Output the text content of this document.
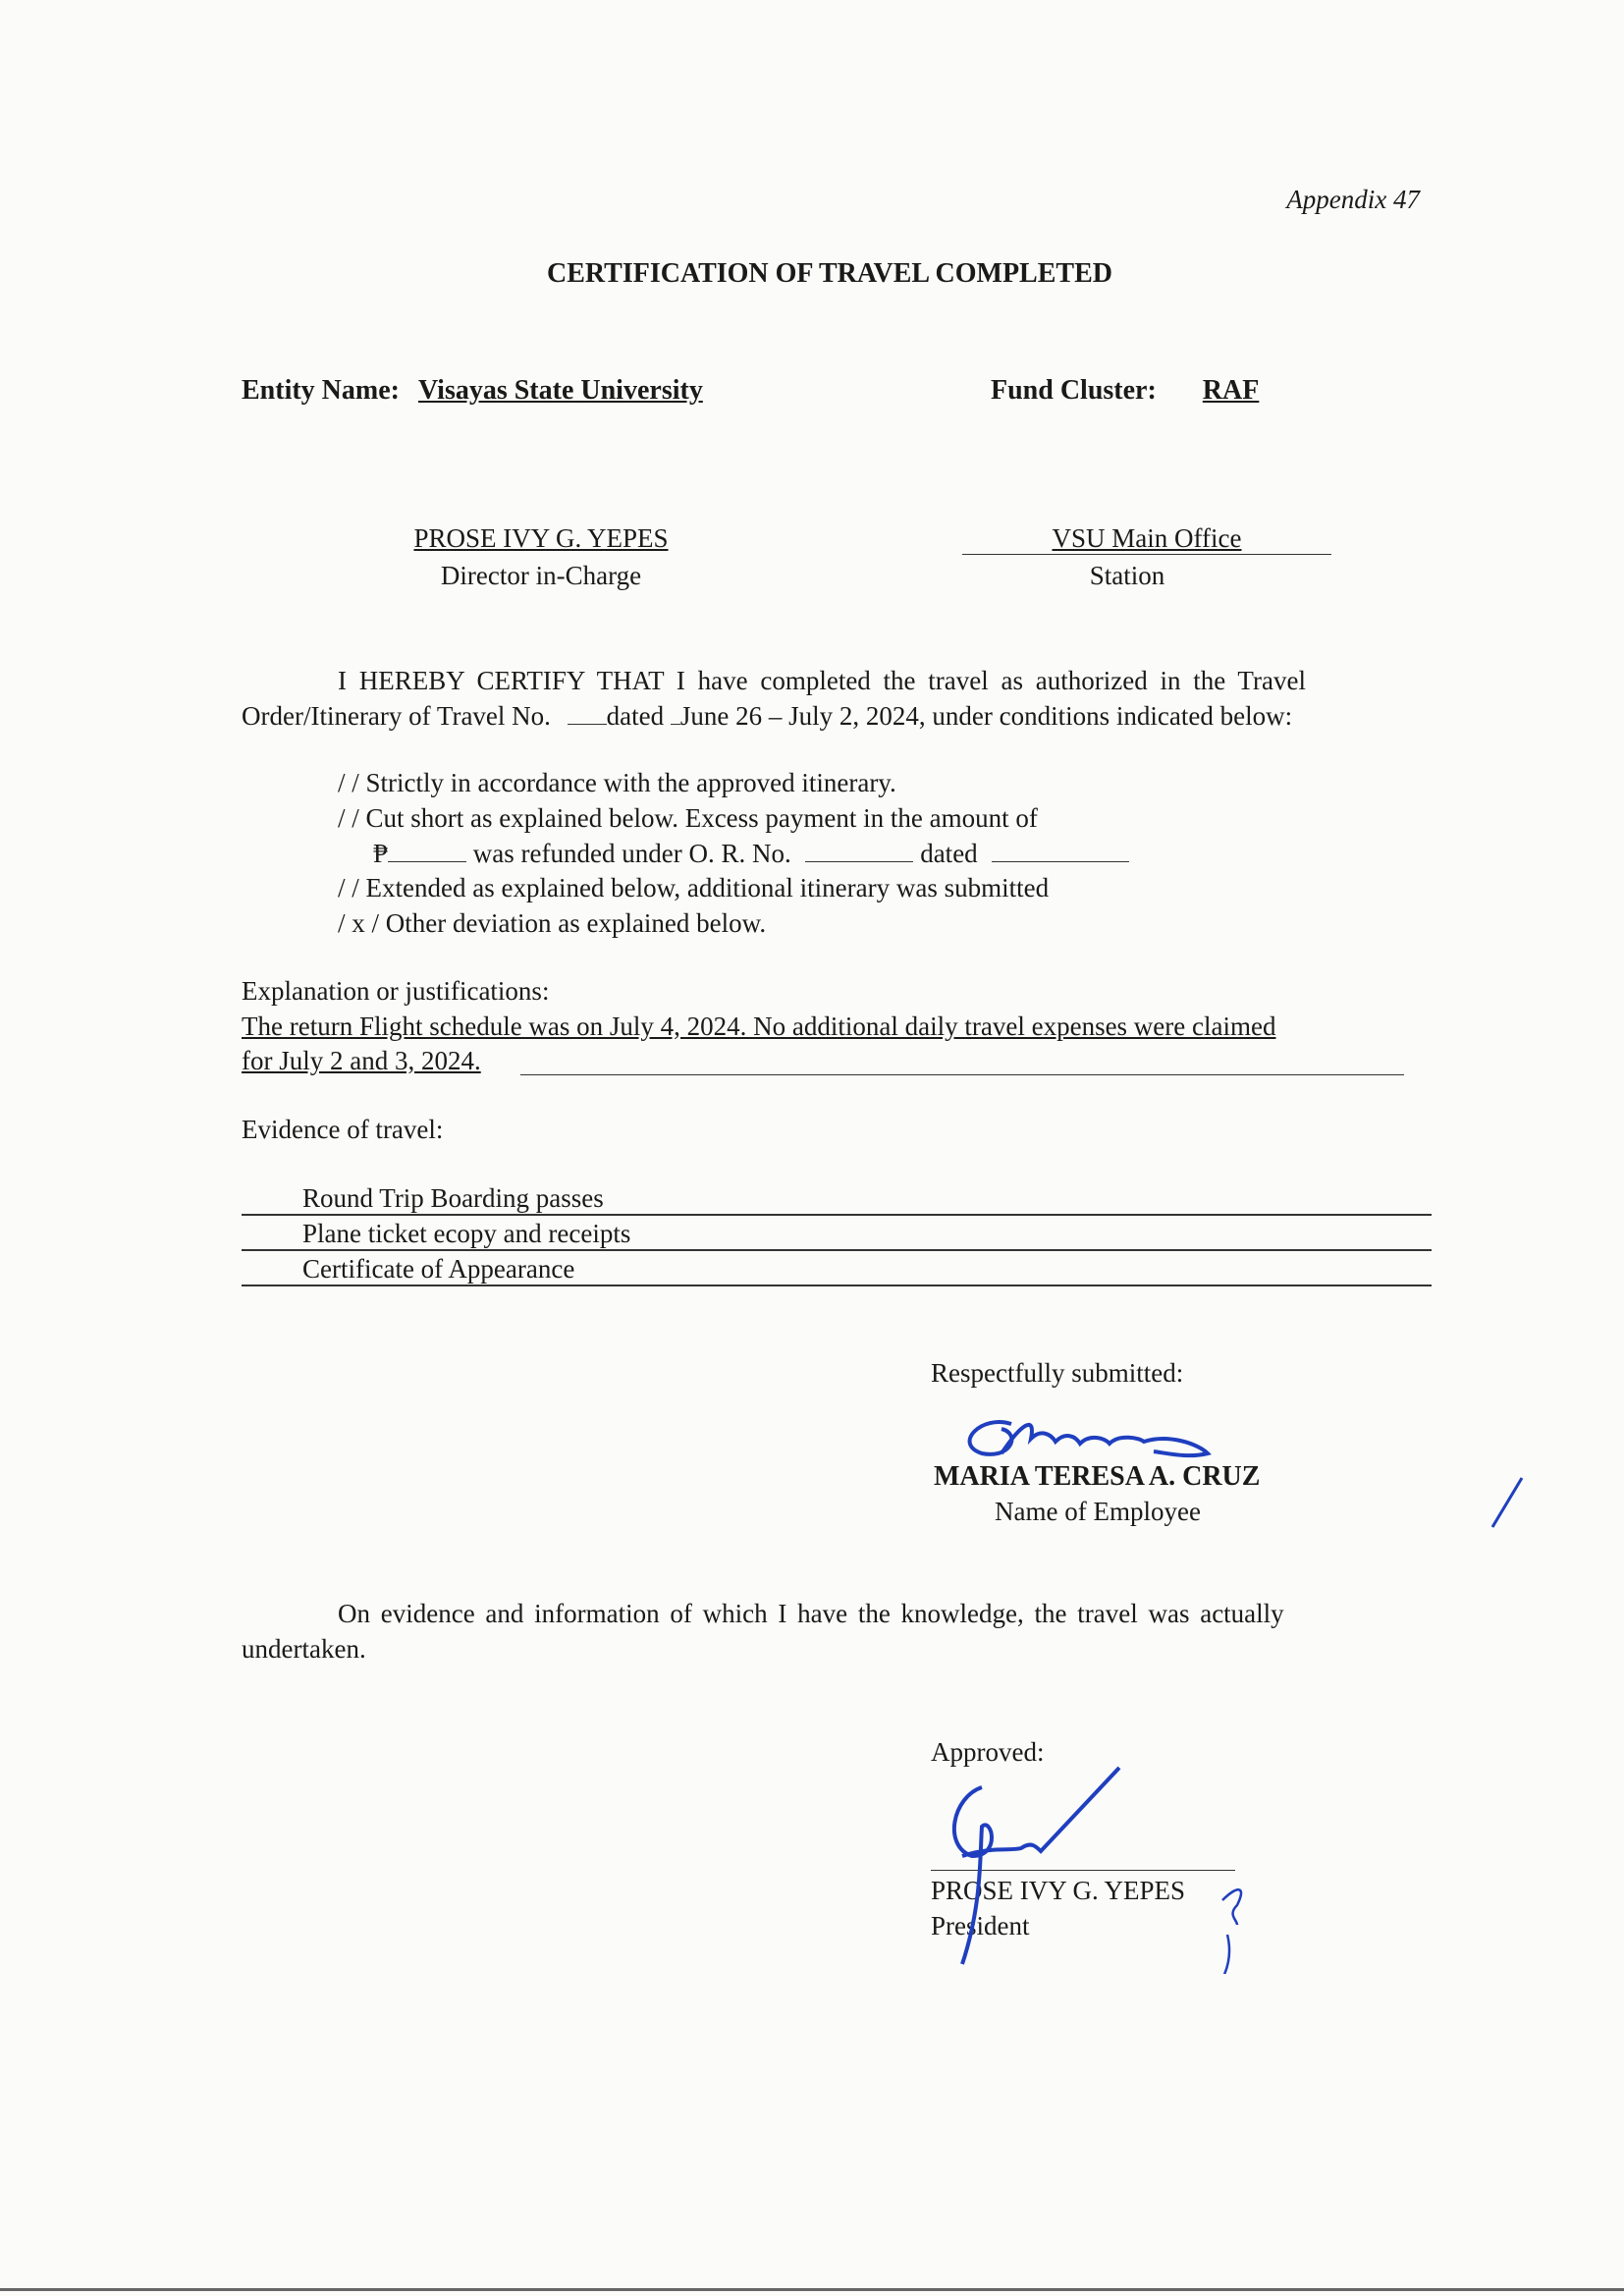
Appendix 47
CERTIFICATION OF TRAVEL COMPLETED
Entity Name: Visayas State University	Fund Cluster: RAF
PROSE IVY G. YEPES
Director in-Charge
VSU Main Office
Station
I HEREBY CERTIFY THAT I have completed the travel as authorized in the Travel
Order/Itinerary of Travel No. dated June 26 – July 2, 2024, under conditions indicated below:
/ / Strictly in accordance with the approved itinerary.
/ / Cut short as explained below. Excess payment in the amount of
₱	was refunded under O. R. No.	dated
/ / Extended as explained below, additional itinerary was submitted
/ x / Other deviation as explained below.
Explanation or justifications:
The return Flight schedule was on July 4, 2024. No additional daily travel expenses were claimed
for July 2 and 3, 2024.
Evidence of travel:
Round Trip Boarding passes
Plane ticket ecopy and receipts
Certificate of Appearance
Respectfully submitted:
MARIA TERESA A. CRUZ
Name of Employee
On evidence and information of which I have the knowledge, the travel was actually
undertaken.
Approved:
PROSE IVY G. YEPES
President
